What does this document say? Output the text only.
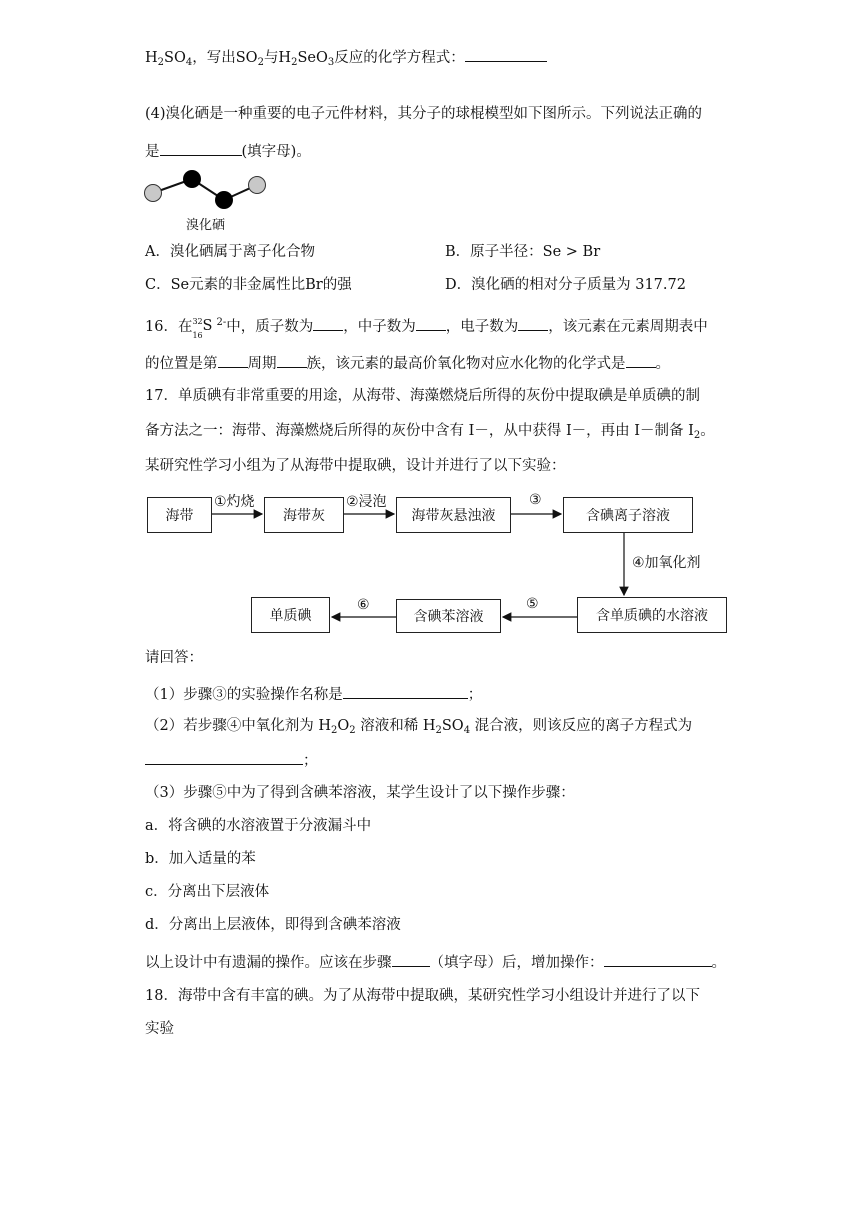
$H_2SO_4$，写出$SO_2$与$H_2SeO_3$反应的化学方程式：
(4)溴化硒是一种重要的电子元件材料，其分子的球棍模型如下图所示。下列说法正确的
是	(填字母)。
溴化硒
A．溴化硒属于离子化合物	B．原子半径：Se > Br
C．Se元素的非金属性比Br的强	D．溴化硒的相对分子质量为 317.72
16．在 32
16
S $^{2-}$中，质子数为 ，中子数为 ，电子数为 ，该元素在元素周期表中
的位置是第 周期 族，该元素的最高价氧化物对应水化物的化学式是 。
17．单质碘有非常重要的用途，从海带、海藻燃烧后所得的灰份中提取碘是单质碘的制
备方法之一：海带、海藻燃烧后所得的灰份中含有 I－，从中获得 I－，再由 I－制备 $I_2$。
某研究性学习小组为了从海带中提取碘，设计并进行了以下实验：
海带	海带灰	海带灰悬浊液	含碘离子溶液
含单质碘的水溶液
含碘苯溶液
单质碘
①灼烧	②浸泡	③
④加氧化剂
⑤
⑥
请回答：
（1）步骤③的实验操作名称是	；
（2）若步骤④中氧化剂为 $H_2O_2$ 溶液和稀 $H_2SO_4$ 混合液，则该反应的离子方程式为
；
（3）步骤⑤中为了得到含碘苯溶液，某学生设计了以下操作步骤：
a．将含碘的水溶液置于分液漏斗中
b．加入适量的苯
c．分离出下层液体
d．分离出上层液体，即得到含碘苯溶液
以上设计中有遗漏的操作。应该在步骤	（填字母）后，增加操作：	。
18．海带中含有丰富的碘。为了从海带中提取碘，某研究性学习小组设计并进行了以下
实验
